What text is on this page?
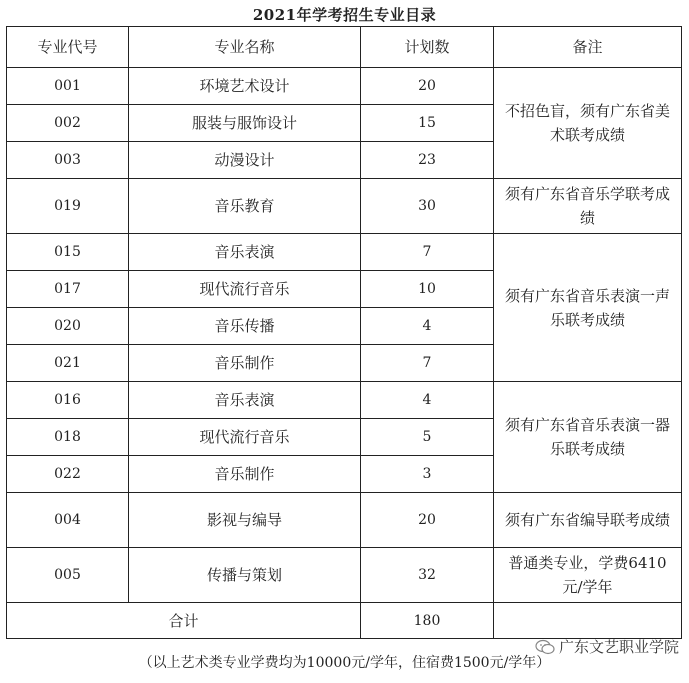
2021年学考招生专业目录
专业代号	专业名称	计划数	备注
001	环境艺术设计	20	不招色盲，须有广东省美术联考成绩
002	服装与服饰设计	15	
003	动漫设计	23	
019	音乐教育	30	须有广东省音乐学联考成绩
015	音乐表演	7	须有广东省音乐表演一声乐联考成绩
017	现代流行音乐	10	
020	音乐传播	4	
021	音乐制作	7	
016	音乐表演	4	须有广东省音乐表演一器乐联考成绩
018	现代流行音乐	5	
022	音乐制作	3	
004	影视与编导	20	须有广东省编导联考成绩
005	传播与策划	32	普通类专业，学费6410元/学年
合计		180	
广东文艺职业学院
（以上艺术类专业学费均为10000元/学年，住宿费1500元/学年）
